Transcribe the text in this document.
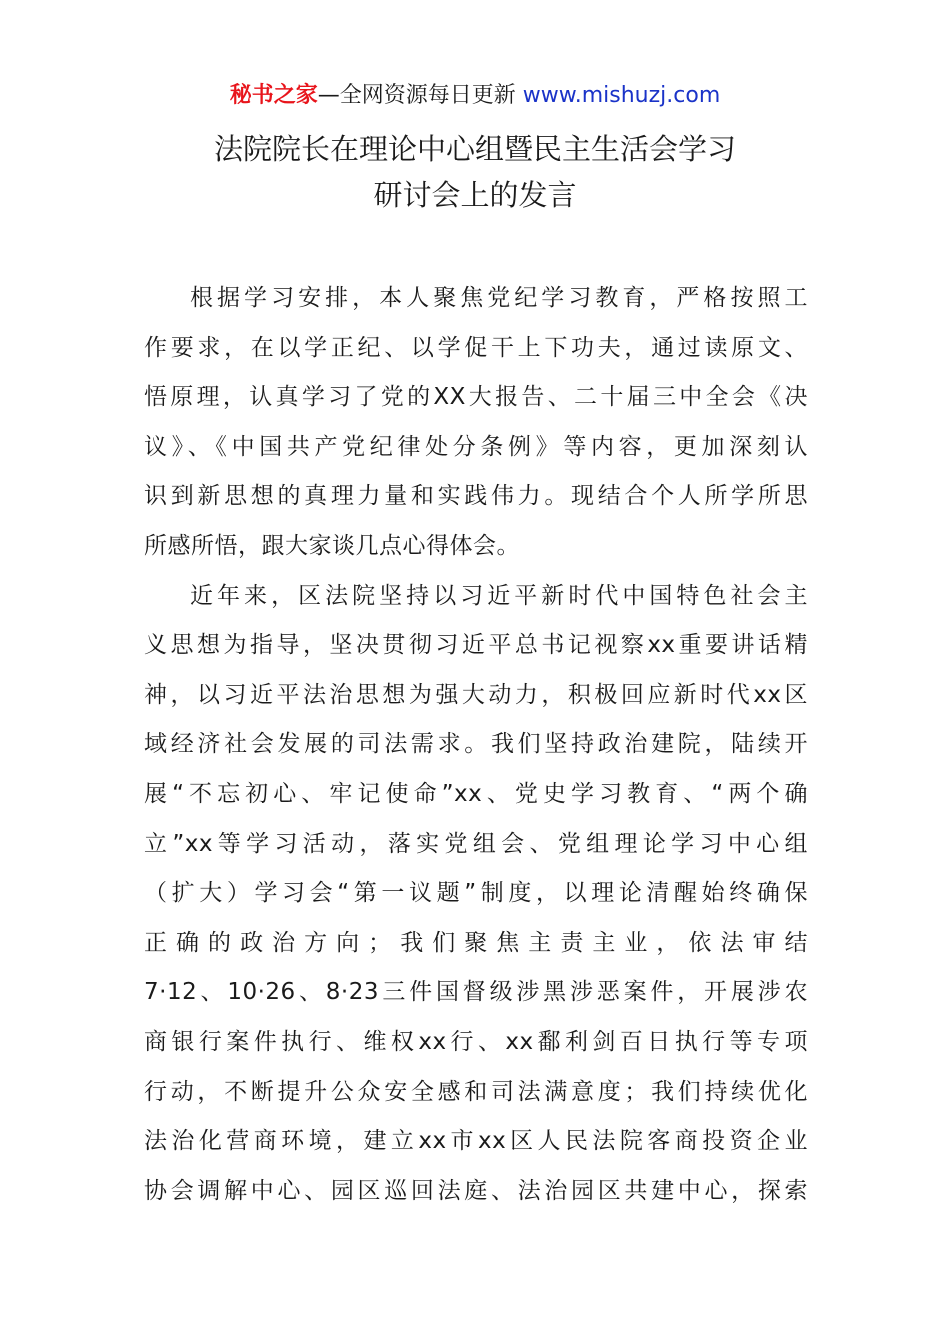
秘书之家—全网资源每日更新 www.mishuzj.com
法院院长在理论中心组暨民主生活会学习
研讨会上的发言
根据学习安排，本人聚焦党纪学习教育，严格按照工
作要求，在以学正纪、以学促干上下功夫，通过读原文、
悟原理，认真学习了党的XX大报告、二十届三中全会《决
议》、《中国共产党纪律处分条例》等内容，更加深刻认
识到新思想的真理力量和实践伟力。现结合个人所学所思
所感所悟，跟大家谈几点心得体会。
近年来，区法院坚持以习近平新时代中国特色社会主
义思想为指导，坚决贯彻习近平总书记视察xx重要讲话精
神，以习近平法治思想为强大动力，积极回应新时代xx区
域经济社会发展的司法需求。我们坚持政治建院，陆续开
展“不忘初心、牢记使命”xx、党史学习教育、“两个确
立”xx等学习活动，落实党组会、党组理论学习中心组
（扩大）学习会“第一议题”制度，以理论清醒始终确保
正确的政治方向；我们聚焦主责主业，依法审结
7·12、10·26、8·23三件国督级涉黑涉恶案件，开展涉农
商银行案件执行、维权xx行、xx鄱利剑百日执行等专项
行动，不断提升公众安全感和司法满意度；我们持续优化
法治化营商环境，建立xx市xx区人民法院客商投资企业
协会调解中心、园区巡回法庭、法治园区共建中心，探索
